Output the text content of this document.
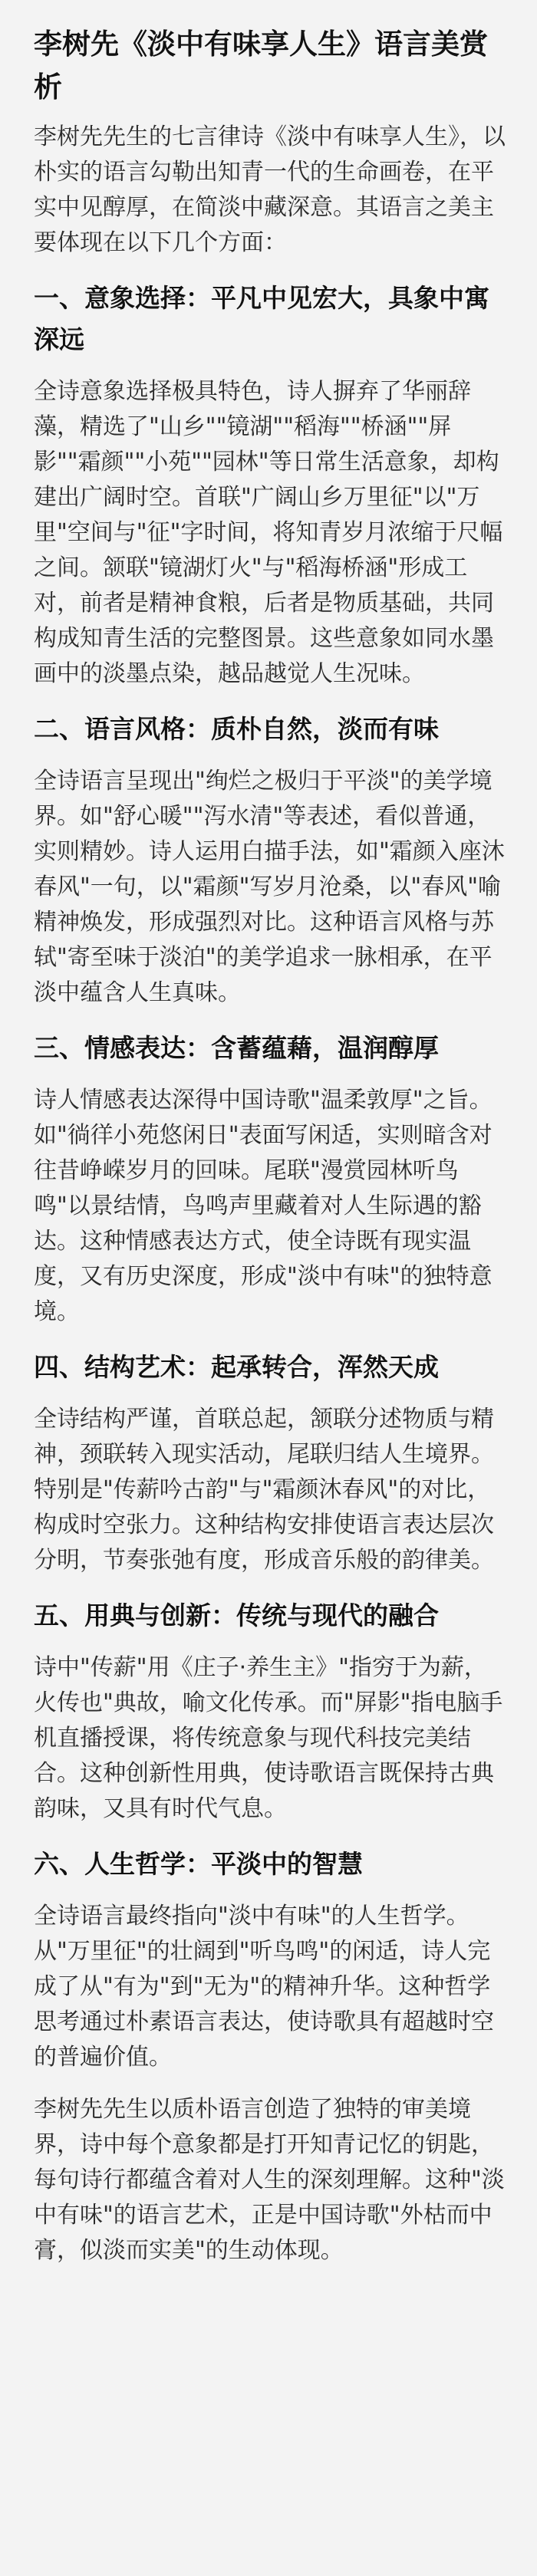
李树先《淡中有味享人生》语言美赏析
李树先先生的七言律诗《淡中有味享人生》，以朴实的语言勾勒出知青一代的生命画卷，在平实中见醇厚，在简淡中藏深意。其语言之美主要体现在以下几个方面：
一、意象选择：平凡中见宏大，具象中寓深远
全诗意象选择极具特色，诗人摒弃了华丽辞藻，精选了"山乡""镜湖""稻海""桥涵""屏影""霜颜""小苑""园林"等日常生活意象，却构建出广阔时空。首联"广阔山乡万里征"以"万里"空间与"征"字时间，将知青岁月浓缩于尺幅之间。颔联"镜湖灯火"与"稻海桥涵"形成工对，前者是精神食粮，后者是物质基础，共同构成知青生活的完整图景。这些意象如同水墨画中的淡墨点染，越品越觉人生况味。
二、语言风格：质朴自然，淡而有味
全诗语言呈现出"绚烂之极归于平淡"的美学境界。如"舒心暖""泻水清"等表述，看似普通，实则精妙。诗人运用白描手法，如"霜颜入座沐春风"一句，以"霜颜"写岁月沧桑，以"春风"喻精神焕发，形成强烈对比。这种语言风格与苏轼"寄至味于淡泊"的美学追求一脉相承，在平淡中蕴含人生真味。
三、情感表达：含蓄蕴藉，温润醇厚
诗人情感表达深得中国诗歌"温柔敦厚"之旨。如"徜徉小苑悠闲日"表面写闲适，实则暗含对往昔峥嵘岁月的回味。尾联"漫赏园林听鸟鸣"以景结情，鸟鸣声里藏着对人生际遇的豁达。这种情感表达方式，使全诗既有现实温度，又有历史深度，形成"淡中有味"的独特意境。
四、结构艺术：起承转合，浑然天成
全诗结构严谨，首联总起，颔联分述物质与精神，颈联转入现实活动，尾联归结人生境界。特别是"传薪吟古韵"与"霜颜沐春风"的对比，构成时空张力。这种结构安排使语言表达层次分明，节奏张弛有度，形成音乐般的韵律美。
五、用典与创新：传统与现代的融合
诗中"传薪"用《庄子·养生主》"指穷于为薪，火传也"典故，喻文化传承。而"屏影"指电脑手机直播授课，将传统意象与现代科技完美结合。这种创新性用典，使诗歌语言既保持古典韵味，又具有时代气息。
六、人生哲学：平淡中的智慧
全诗语言最终指向"淡中有味"的人生哲学。从"万里征"的壮阔到"听鸟鸣"的闲适，诗人完成了从"有为"到"无为"的精神升华。这种哲学思考通过朴素语言表达，使诗歌具有超越时空的普遍价值。
李树先先生以质朴语言创造了独特的审美境界，诗中每个意象都是打开知青记忆的钥匙，每句诗行都蕴含着对人生的深刻理解。这种"淡中有味"的语言艺术，正是中国诗歌"外枯而中膏，似淡而实美"的生动体现。
